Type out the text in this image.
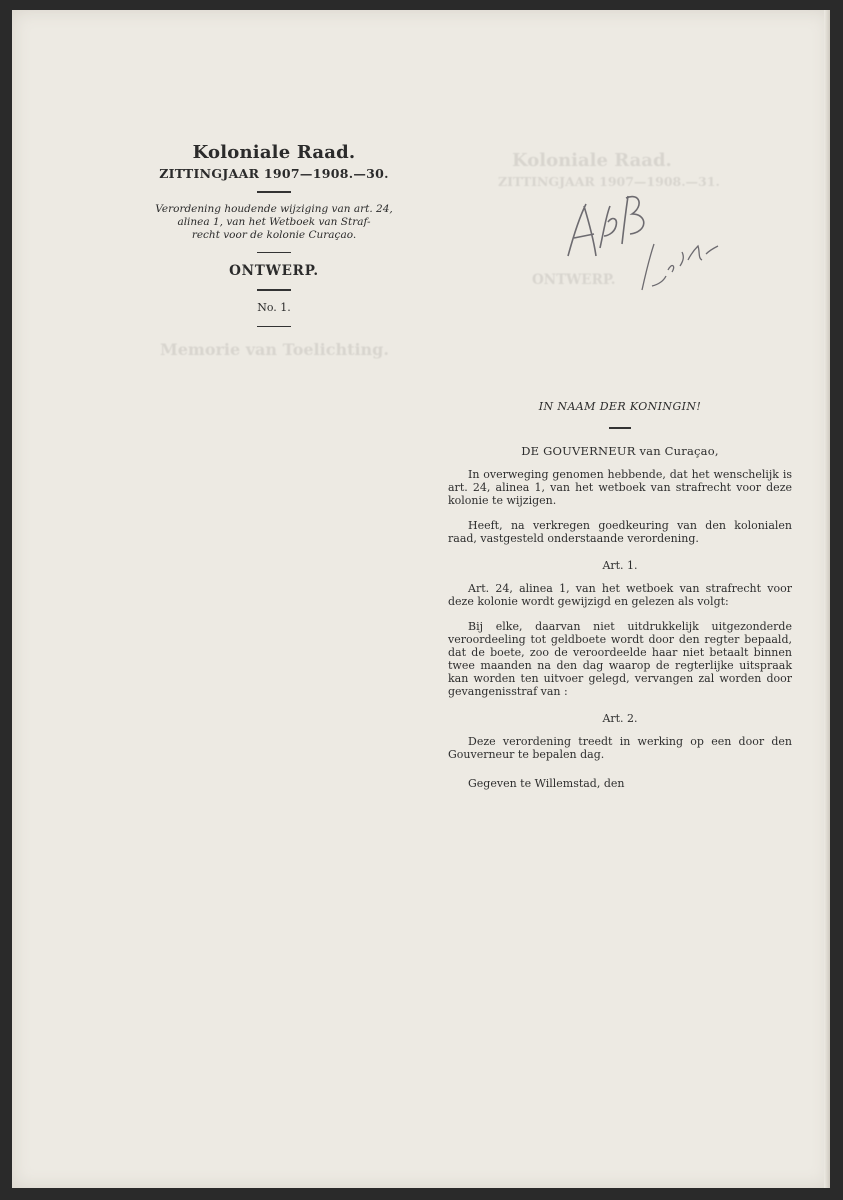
Koloniale Raad.
ZITTINGJAAR 1907—1908.—31.
ONTWERP.
Memorie van Toelichting.
Koloniale Raad.
ZITTINGJAAR 1907—1908.—30.
Verordening houdende wijziging van art. 24,
alinea 1, van het Wetboek van Straf-
recht voor de kolonie Curaçao.
ONTWERP.
No. 1.
IN NAAM DER KONINGIN!
DE GOUVERNEUR van Curaçao,

In overweging genomen hebbende, dat het wenschelijk is art. 24, alinea 1, van het wetboek van strafrecht voor deze kolonie te wijzigen.

Heeft, na verkregen goedkeuring van den kolonialen raad, vastgesteld onderstaande verordening.

Art. 1.

Art. 24, alinea 1, van het wetboek van strafrecht voor deze kolonie wordt gewijzigd en gelezen als volgt:

Bij elke, daarvan niet uitdrukkelijk uitgezonderde veroordeeling tot geldboete wordt door den regter bepaald, dat de boete, zoo de veroordeelde haar niet betaalt binnen twee maanden na den dag waarop de regterlijke uitspraak kan worden ten uitvoer gelegd, vervangen zal worden door gevangenisstraf van :

Art. 2.

Deze verordening treedt in werking op een door den Gouverneur te bepalen dag.

Gegeven te Willemstad, den
